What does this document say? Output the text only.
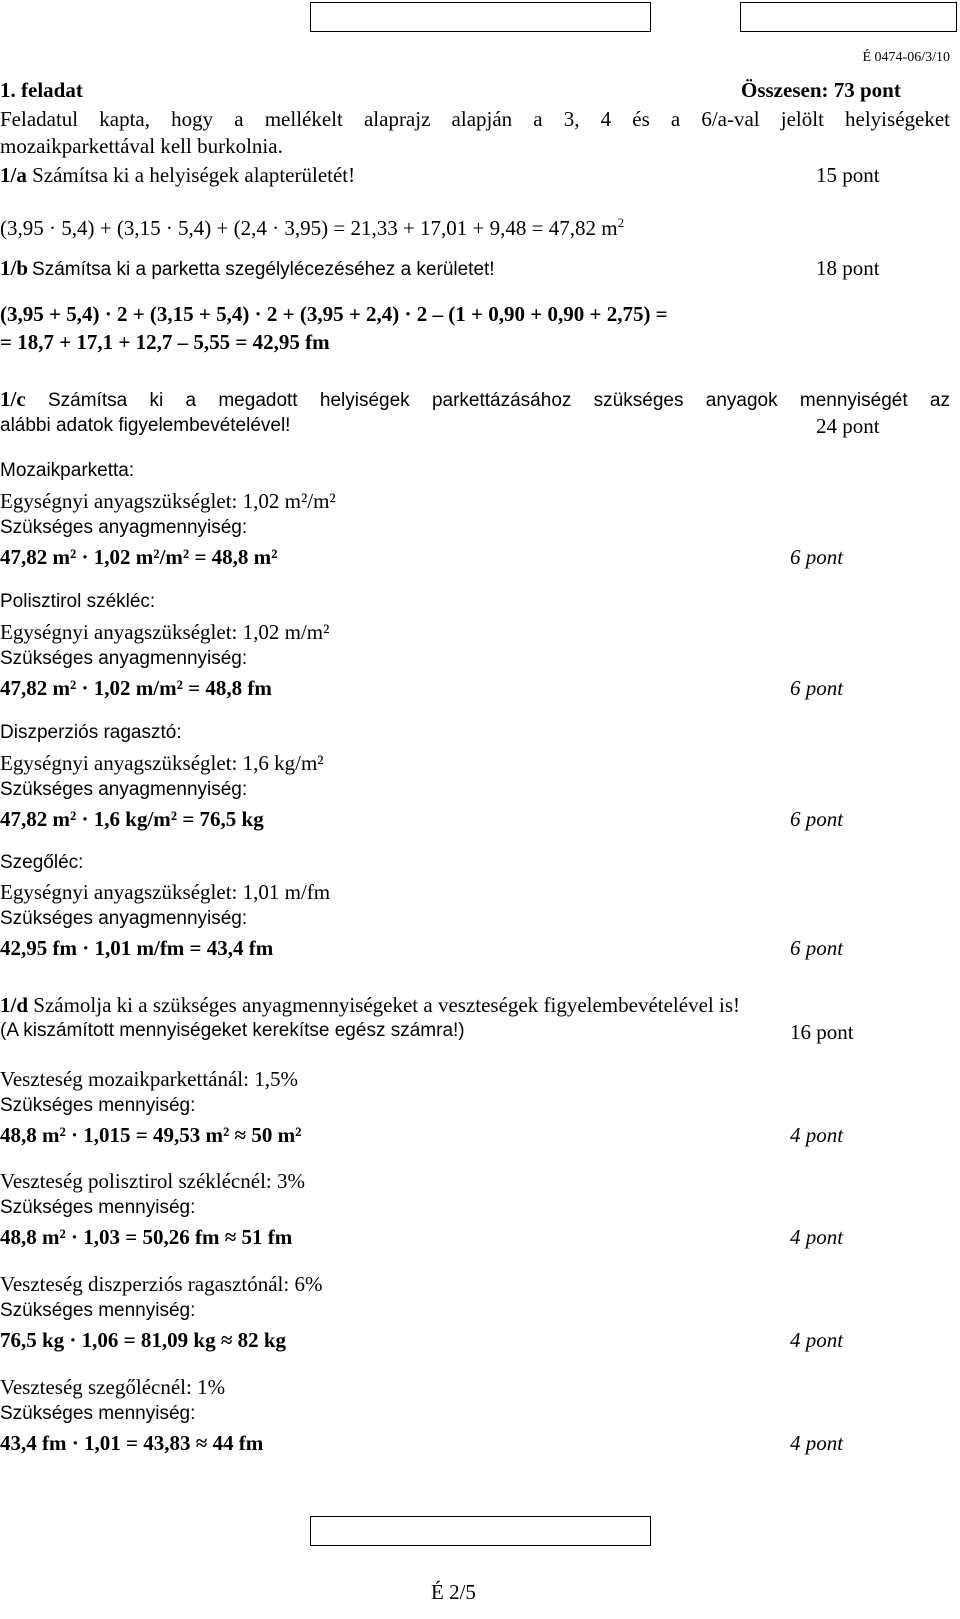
É 0474-06/3/10
1. feladat	Összesen: 73 pont
Feladatul kapta, hogy a mellékelt alaprajz alapján a 3, 4 és a 6/a-val jelölt helyiségeket
mozaikparkettával kell burkolnia.
1/a Számítsa ki a helyiségek alapterületét!	15 pont
(3,95 · 5,4) + (3,15 · 5,4) + (2,4 · 3,95) = 21,33 + 17,01 + 9,48 = 47,82 $m^2$
1/b Számítsa ki a parketta szegélylécezéséhez a kerületet!	18 pont
(3,95 + 5,4) · 2 + (3,15 + 5,4) · 2 + (3,95 + 2,4) · 2 – (1 + 0,90 + 0,90 + 2,75) =
= 18,7 + 17,1 + 12,7 – 5,55 = 42,95 fm
1/c Számítsa ki a megadott helyiségek parkettázásához szükséges anyagok mennyiségét az
alábbi adatok figyelembevételével!	24 pont
Mozaikparketta:
Egységnyi anyagszükséglet: 1,02 m²/m²
Szükséges anyagmennyiség:
47,82 m² · 1,02 m²/m² = 48,8 m²	6 pont
Polisztirol székléc:
Egységnyi anyagszükséglet: 1,02 m/m²
Szükséges anyagmennyiség:
47,82 m² · 1,02 m/m² = 48,8 fm	6 pont
Diszperziós ragasztó:
Egységnyi anyagszükséglet: 1,6 kg/m²
Szükséges anyagmennyiség:
47,82 m² · 1,6 kg/m² = 76,5 kg	6 pont
Szegőléc:
Egységnyi anyagszükséglet: 1,01 m/fm
Szükséges anyagmennyiség:
42,95 fm · 1,01 m/fm = 43,4 fm	6 pont
1/d Számolja ki a szükséges anyagmennyiségeket a veszteségek figyelembevételével is!
(A kiszámított mennyiségeket kerekítse egész számra!)	16 pont
Veszteség mozaikparkettánál: 1,5%
Szükséges mennyiség:
48,8 m² · 1,015 = 49,53 m² ≈ 50 m²	4 pont
Veszteség polisztirol széklécnél: 3%
Szükséges mennyiség:
48,8 m² · 1,03 = 50,26 fm ≈ 51 fm	4 pont
Veszteség diszperziós ragasztónál: 6%
Szükséges mennyiség:
76,5 kg · 1,06 = 81,09 kg ≈ 82 kg	4 pont
Veszteség szegőlécnél: 1%
Szükséges mennyiség:
43,4 fm · 1,01 = 43,83 ≈ 44 fm	4 pont
É 2/5
